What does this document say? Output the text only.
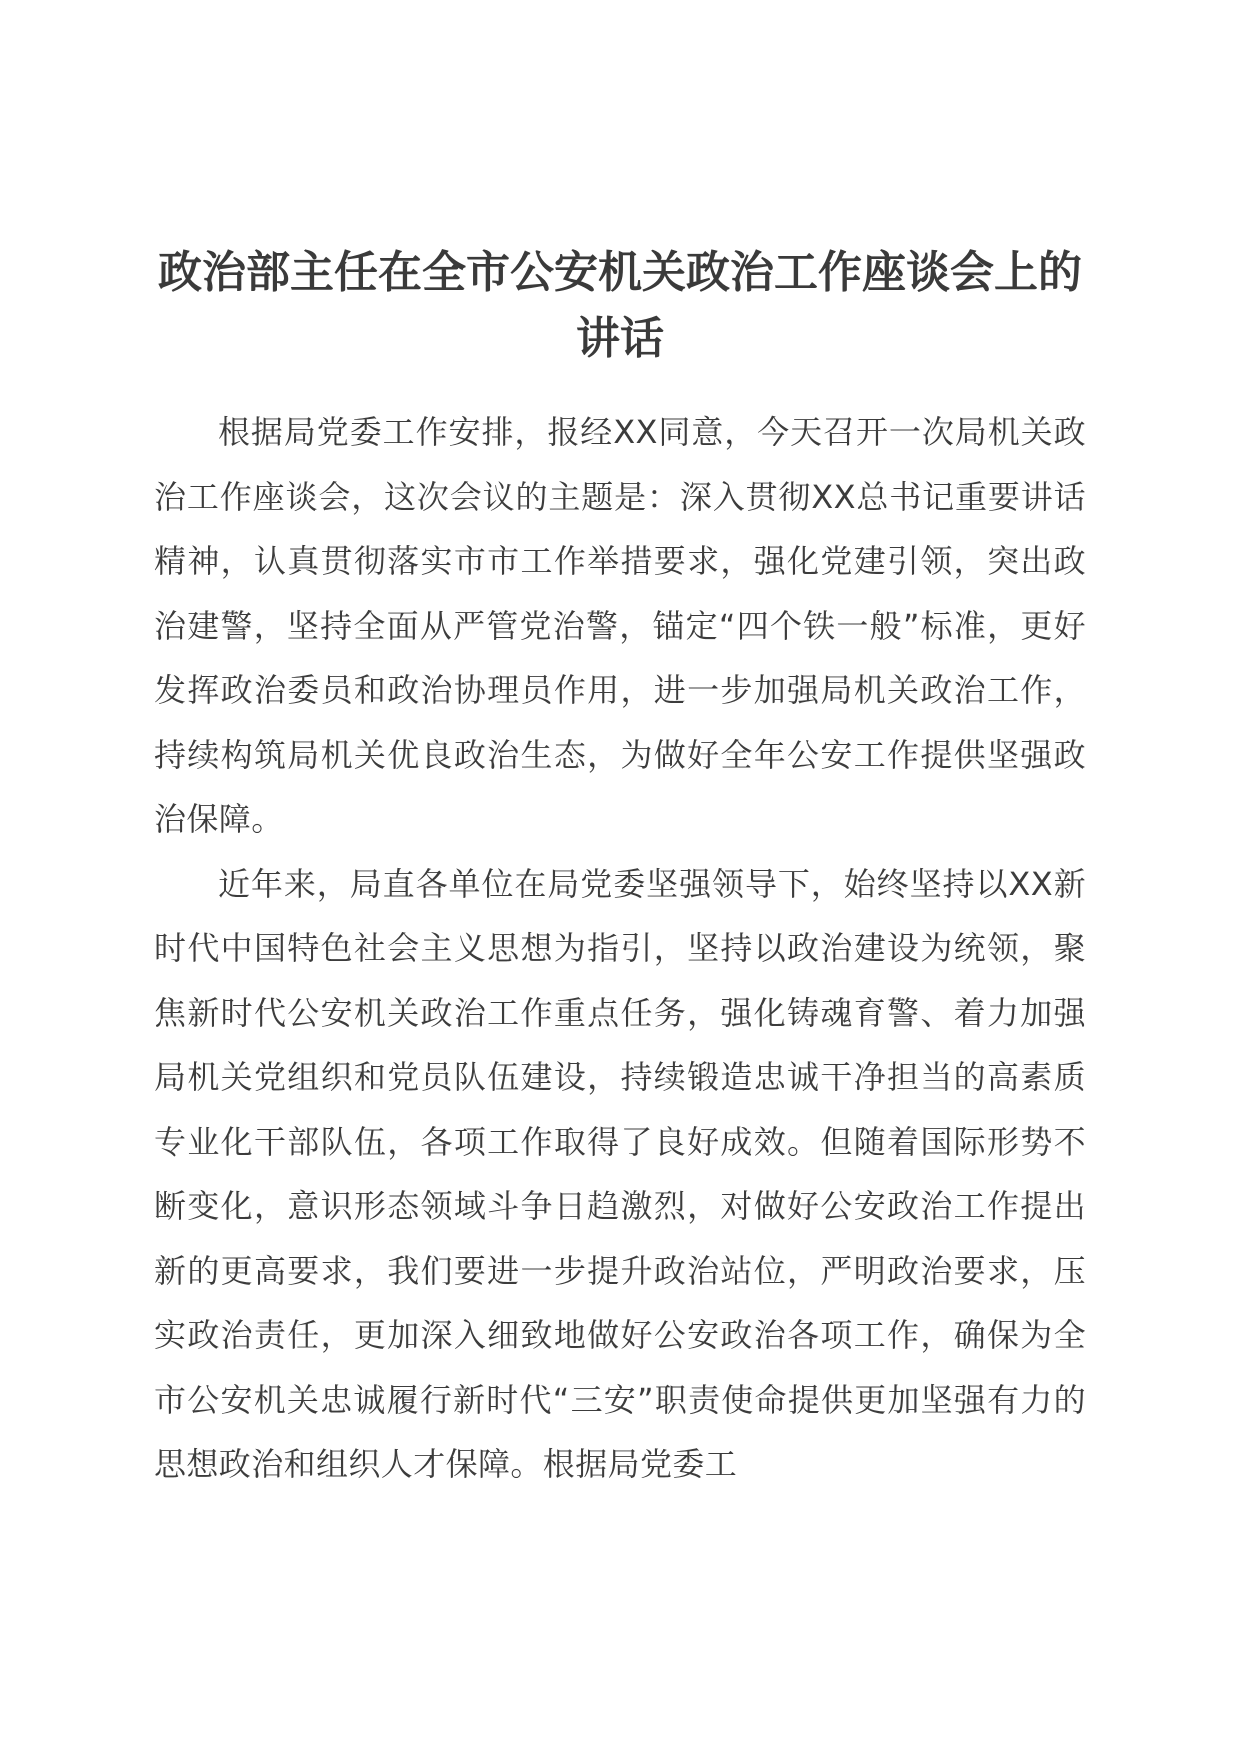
政治部主任在全市公安机关政治工作座谈会上的讲话

根据局党委工作安排，报经XX同意，今天召开一次局机关政治工作座谈会，这次会议的主题是：深入贯彻XX总书记重要讲话精神，认真贯彻落实市市工作举措要求，强化党建引领，突出政治建警，坚持全面从严管党治警，锚定“四个铁一般”标准，更好发挥政治委员和政治协理员作用，进一步加强局机关政治工作，持续构筑局机关优良政治生态，为做好全年公安工作提供坚强政治保障。

近年来，局直各单位在局党委坚强领导下，始终坚持以XX新时代中国特色社会主义思想为指引，坚持以政治建设为统领，聚焦新时代公安机关政治工作重点任务，强化铸魂育警、着力加强局机关党组织和党员队伍建设，持续锻造忠诚干净担当的高素质专业化干部队伍，各项工作取得了良好成效。但随着国际形势不断变化，意识形态领域斗争日趋激烈，对做好公安政治工作提出新的更高要求，我们要进一步提升政治站位，严明政治要求，压实政治责任，更加深入细致地做好公安政治各项工作，确保为全市公安机关忠诚履行新时代“三安”职责使命提供更加坚强有力的思想政治和组织人才保障。根据局党委工
